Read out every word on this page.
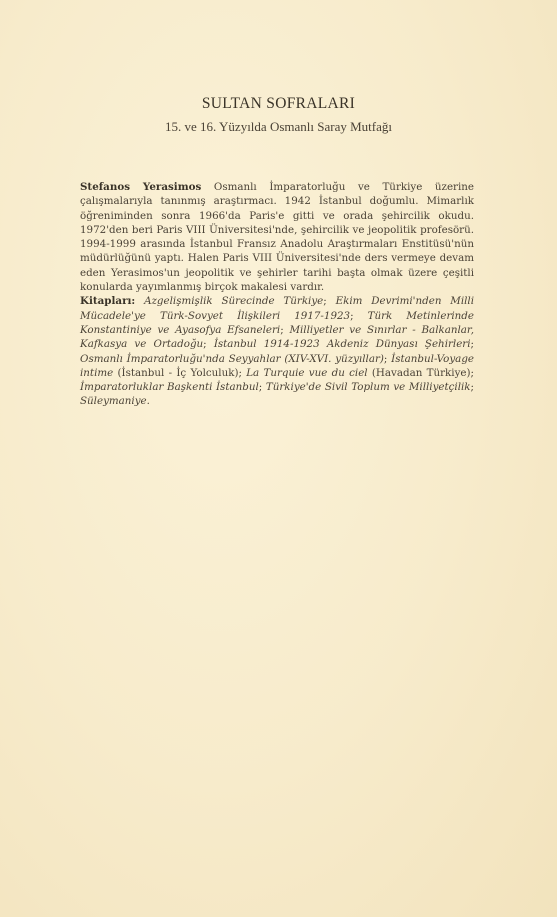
SULTAN SOFRALARI
15. ve 16. Yüzyılda Osmanlı Saray Mutfağı

Stefanos Yerasimos Osmanlı İmparatorluğu ve Türkiye üzerine çalışmalarıyla tanınmış araştırmacı. 1942 İstanbul doğumlu. Mimarlık öğreniminden sonra 1966'da Paris'e gitti ve orada şehircilik okudu. 1972'den beri Paris VIII Üniversitesi'nde, şehircilik ve jeopolitik profesörü. 1994-1999 arasında İstanbul Fransız Anadolu Araştırmaları Enstitüsü'nün müdürlüğünü yaptı. Halen Paris VIII Üniversitesi'nde ders vermeye devam eden Yerasimos'un jeopolitik ve şehirler tarihi başta olmak üzere çeşitli konularda yayımlanmış birçok makalesi vardır.

Kitapları: Azgelişmişlik Sürecinde Türkiye; Ekim Devrimi'nden Milli Mücadele'ye Türk-Sovyet İlişkileri 1917-1923; Türk Metinlerinde Konstantiniye ve Ayasofya Efsaneleri; Milliyetler ve Sınırlar - Balkanlar, Kafkasya ve Ortadoğu; İstanbul 1914-1923 Akdeniz Dünyası Şehirleri; Osmanlı İmparatorluğu'nda Seyyahlar (XIV-XVI. yüzyıllar); İstanbul-Voyage intime (İstanbul - İç Yolculuk); La Turquie vue du ciel (Havadan Türkiye); İmparatorluklar Başkenti İstanbul; Türkiye'de Sivil Toplum ve Milliyetçilik; Süleymaniye.
